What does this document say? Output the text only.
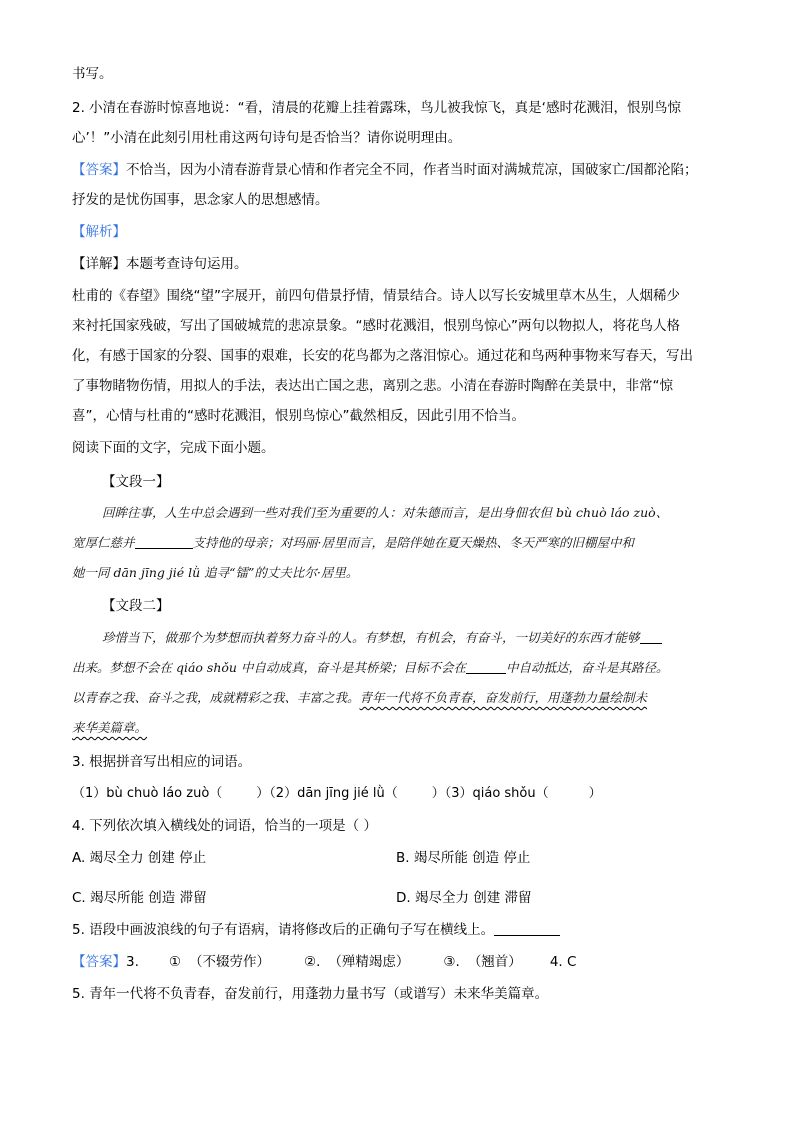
书写。
2. 小清在春游时惊喜地说：“看，清晨的花瓣上挂着露珠，鸟儿被我惊飞，真是‘感时花溅泪，恨别鸟惊
心’！”小清在此刻引用杜甫这两句诗句是否恰当？请你说明理由。
【答案】不恰当，因为小清春游背景心情和作者完全不同，作者当时面对满城荒凉，国破家亡/国都沦陷；
抒发的是忧伤国事，思念家人的思想感情。
【解析】
【详解】本题考查诗句运用。
杜甫的《春望》围绕“望”字展开，前四句借景抒情，情景结合。诗人以写长安城里草木丛生，人烟稀少
来衬托国家残破，写出了国破城荒的悲凉景象。“感时花溅泪，恨别鸟惊心”两句以物拟人，将花鸟人格
化，有感于国家的分裂、国事的艰难，长安的花鸟都为之落泪惊心。通过花和鸟两种事物来写春天，写出
了事物睹物伤情，用拟人的手法，表达出亡国之悲，离别之悲。小清在春游时陶醉在美景中，非常“惊
喜”，心情与杜甫的“感时花溅泪，恨别鸟惊心”截然相反，因此引用不恰当。
阅读下面的文字，完成下面小题。
【文段一】
回眸往事，人生中总会遇到一些对我们至为重要的人：对朱德而言，是出身佃农但 bù chuò láo zuò、
宽厚仁慈并	支持他的母亲；对玛丽·居里而言，是陪伴她在夏天燥热、冬天严寒的旧棚屋中和
她一同 dān jīng jié lǜ 追寻“镭”的丈夫比尔·居里。
【文段二】
珍惜当下，做那个为梦想而执着努力奋斗的人。有梦想，有机会，有奋斗，一切美好的东西才能够
出来。梦想不会在 qiáo shǒu 中自动成真，奋斗是其桥梁；目标不会在	中自动抵达，奋斗是其路径。
以青春之我、奋斗之我，成就精彩之我、丰富之我。青年一代将不负青春，奋发前行，用蓬勃力量绘制未
来华美篇章。
3. 根据拼音写出相应的词语。
（1）bù chuò láo zuò（	）（2）dān jīng jié lǜ（	）（3）qiáo shǒu（	）
4. 下列依次填入横线处的词语，恰当的一项是（ ）
A. 竭尽全力 创建 停止	B. 竭尽所能 创造 停止
C. 竭尽所能 创造 滞留	D. 竭尽全力 创建 滞留
5. 语段中画波浪线的句子有语病，请将修改后的正确句子写在横线上。
【答案】3. ① （不辍劳作）	②. （殚精竭虑）	③. （翘首） 4. C
5. 青年一代将不负青春，奋发前行，用蓬勃力量书写（或谱写）未来华美篇章。
